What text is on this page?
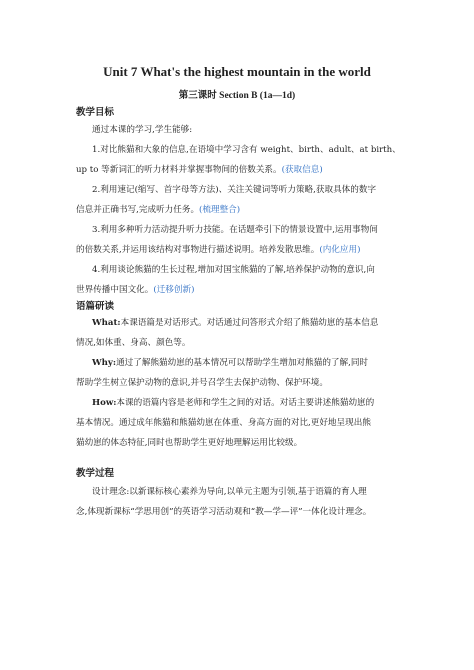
Unit 7 What's the highest mountain in the world
第三课时 Section B (1a—1d)
教学目标
通过本课的学习,学生能够:
1.对比熊猫和大象的信息,在语境中学习含有 weight、birth、adult、at birth、
up to 等新词汇的听力材料并掌握事物间的倍数关系。(获取信息)
2.利用速记(缩写、首字母等方法)、关注关键词等听力策略,获取具体的数字
信息并正确书写,完成听力任务。(梳理整合)
3.利用多种听力活动提升听力技能。在话题牵引下的情景设置中,运用事物间
的倍数关系,并运用该结构对事物进行描述说明。培养发散思维。(内化应用)
4.利用谈论熊猫的生长过程,增加对国宝熊猫的了解,培养保护动物的意识,向
世界传播中国文化。(迁移创新)
语篇研读
What:本课语篇是对话形式。对话通过问答形式介绍了熊猫幼崽的基本信息
情况,如体重、身高、颜色等。
Why:通过了解熊猫幼崽的基本情况可以帮助学生增加对熊猫的了解,同时
帮助学生树立保护动物的意识,并号召学生去保护动物、保护环境。
How:本课的语篇内容是老师和学生之间的对话。对话主要讲述熊猫幼崽的
基本情况。通过成年熊猫和熊猫幼崽在体重、身高方面的对比,更好地呈现出熊
猫幼崽的体态特征,同时也帮助学生更好地理解运用比较级。
教学过程
设计理念:以新课标核心素养为导向,以单元主题为引领,基于语篇的育人理
念,体现新课标“学思用创”的英语学习活动观和“教—学—评”一体化设计理念。
